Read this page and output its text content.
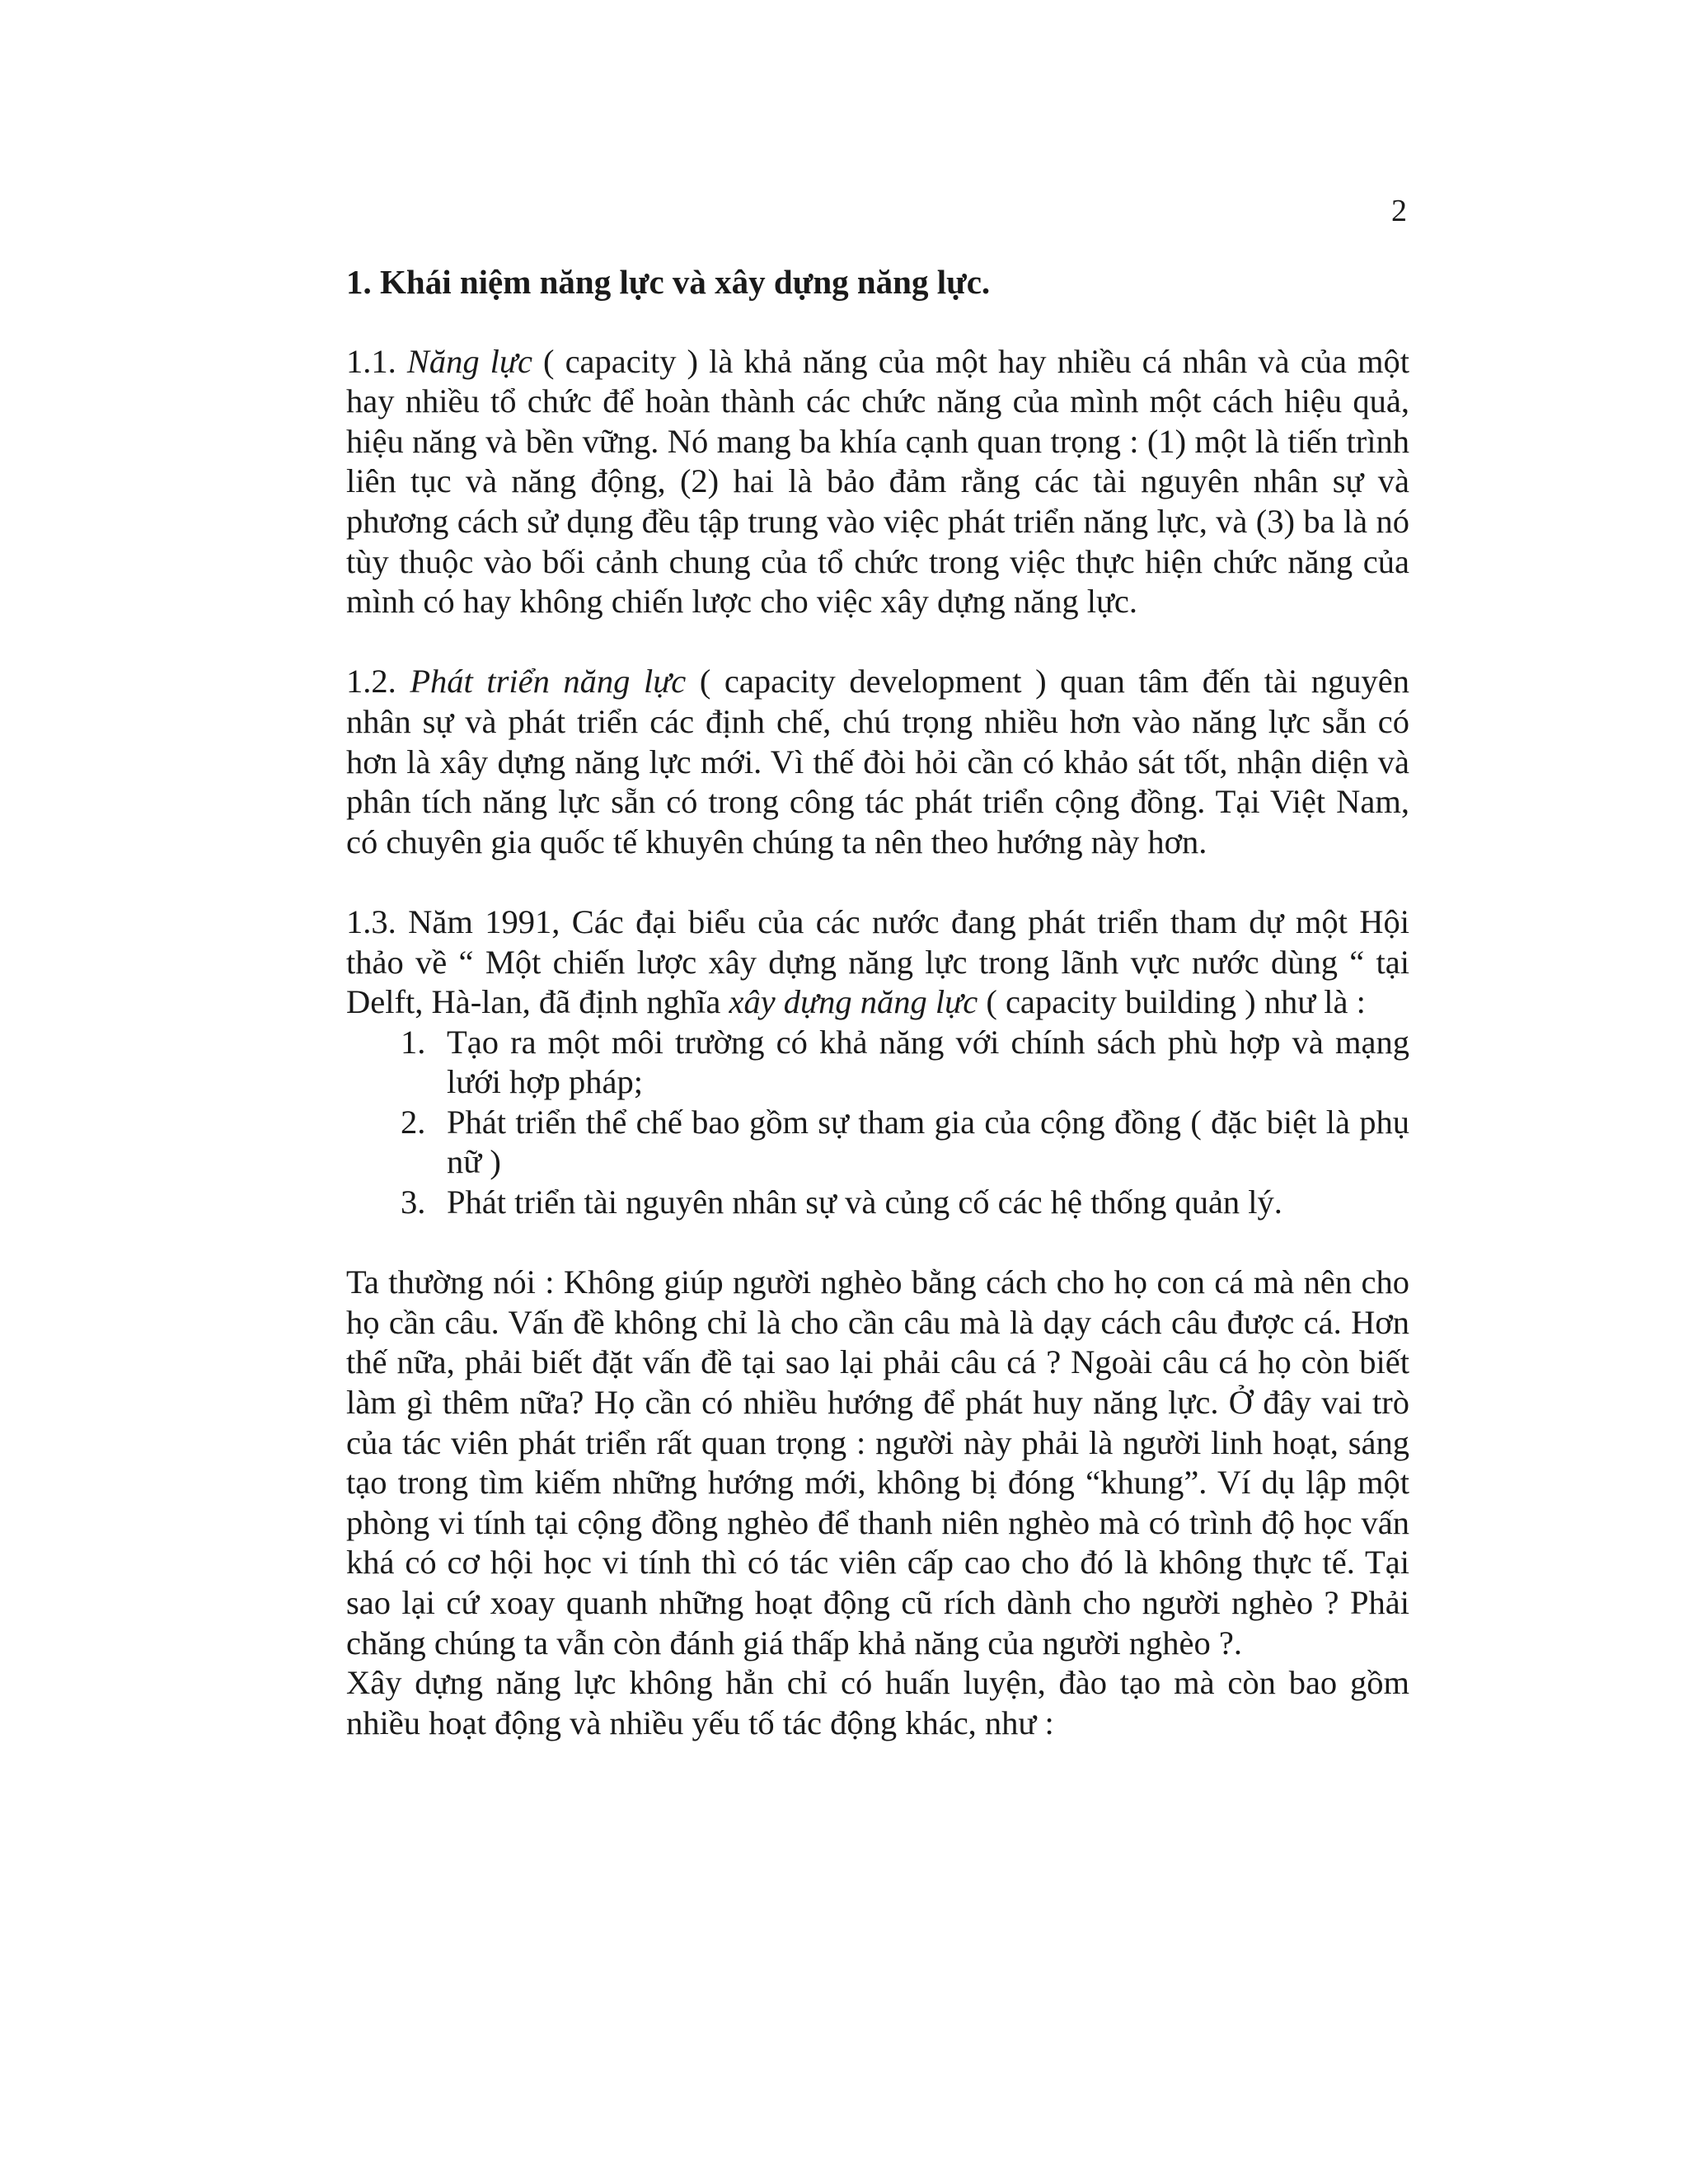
2
1. Khái niệm năng lực và xây dựng năng lực.

1.1. Năng lực ( capacity ) là khả năng của một hay nhiều cá nhân và của một hay nhiều tổ chức để hoàn thành các chức năng của mình một cách hiệu quả, hiệu năng và bền vững. Nó mang ba khía cạnh quan trọng : (1) một là tiến trình liên tục và năng động, (2) hai là bảo đảm rằng các tài nguyên nhân sự và phương cách sử dụng đều tập trung vào việc phát triển năng lực, và (3) ba là nó tùy thuộc vào bối cảnh chung của tổ chức trong việc thực hiện chức năng của mình có hay không chiến lược cho việc xây dựng năng lực.

1.2. Phát triển năng lực ( capacity development ) quan tâm đến tài nguyên nhân sự và phát triển các định chế, chú trọng nhiều hơn vào năng lực sẵn có hơn là xây dựng năng lực mới. Vì thế đòi hỏi cần có khảo sát tốt, nhận diện và phân tích năng lực sẵn có trong công tác phát triển cộng đồng. Tại Việt Nam, có chuyên gia quốc tế khuyên chúng ta nên theo hướng này hơn.

1.3. Năm 1991, Các đại biểu của các nước đang phát triển tham dự một Hội thảo về “ Một chiến lược xây dựng năng lực trong lãnh vực nước dùng “ tại Delft, Hà-lan, đã định nghĩa xây dựng năng lực ( capacity building ) như là :

1. Tạo ra một môi trường có khả năng với chính sách phù hợp và mạng lưới hợp pháp;
2. Phát triển thể chế bao gồm sự tham gia của cộng đồng ( đặc biệt là phụ nữ )
3. Phát triển tài nguyên nhân sự và củng cố các hệ thống quản lý.

Ta thường nói : Không giúp người nghèo bằng cách cho họ con cá mà nên cho họ cần câu. Vấn đề không chỉ là cho cần câu mà là dạy cách câu được cá. Hơn thế nữa, phải biết đặt vấn đề tại sao lại phải câu cá ? Ngoài câu cá họ còn biết làm gì thêm nữa? Họ cần có nhiều hướng để phát huy năng lực. Ở đây vai trò của tác viên phát triển rất quan trọng : người này phải là người linh hoạt, sáng tạo trong tìm kiếm những hướng mới, không bị đóng “khung”. Ví dụ lập một phòng vi tính tại cộng đồng nghèo để thanh niên nghèo mà có trình độ học vấn khá có cơ hội học vi tính thì có tác viên cấp cao cho đó là không thực tế. Tại sao lại cứ xoay quanh những hoạt động cũ rích dành cho người nghèo ? Phải chăng chúng ta vẫn còn đánh giá thấp khả năng của người nghèo ?.

Xây dựng năng lực không hẳn chỉ có huấn luyện, đào tạo mà còn bao gồm nhiều hoạt động và nhiều yếu tố tác động khác, như :
